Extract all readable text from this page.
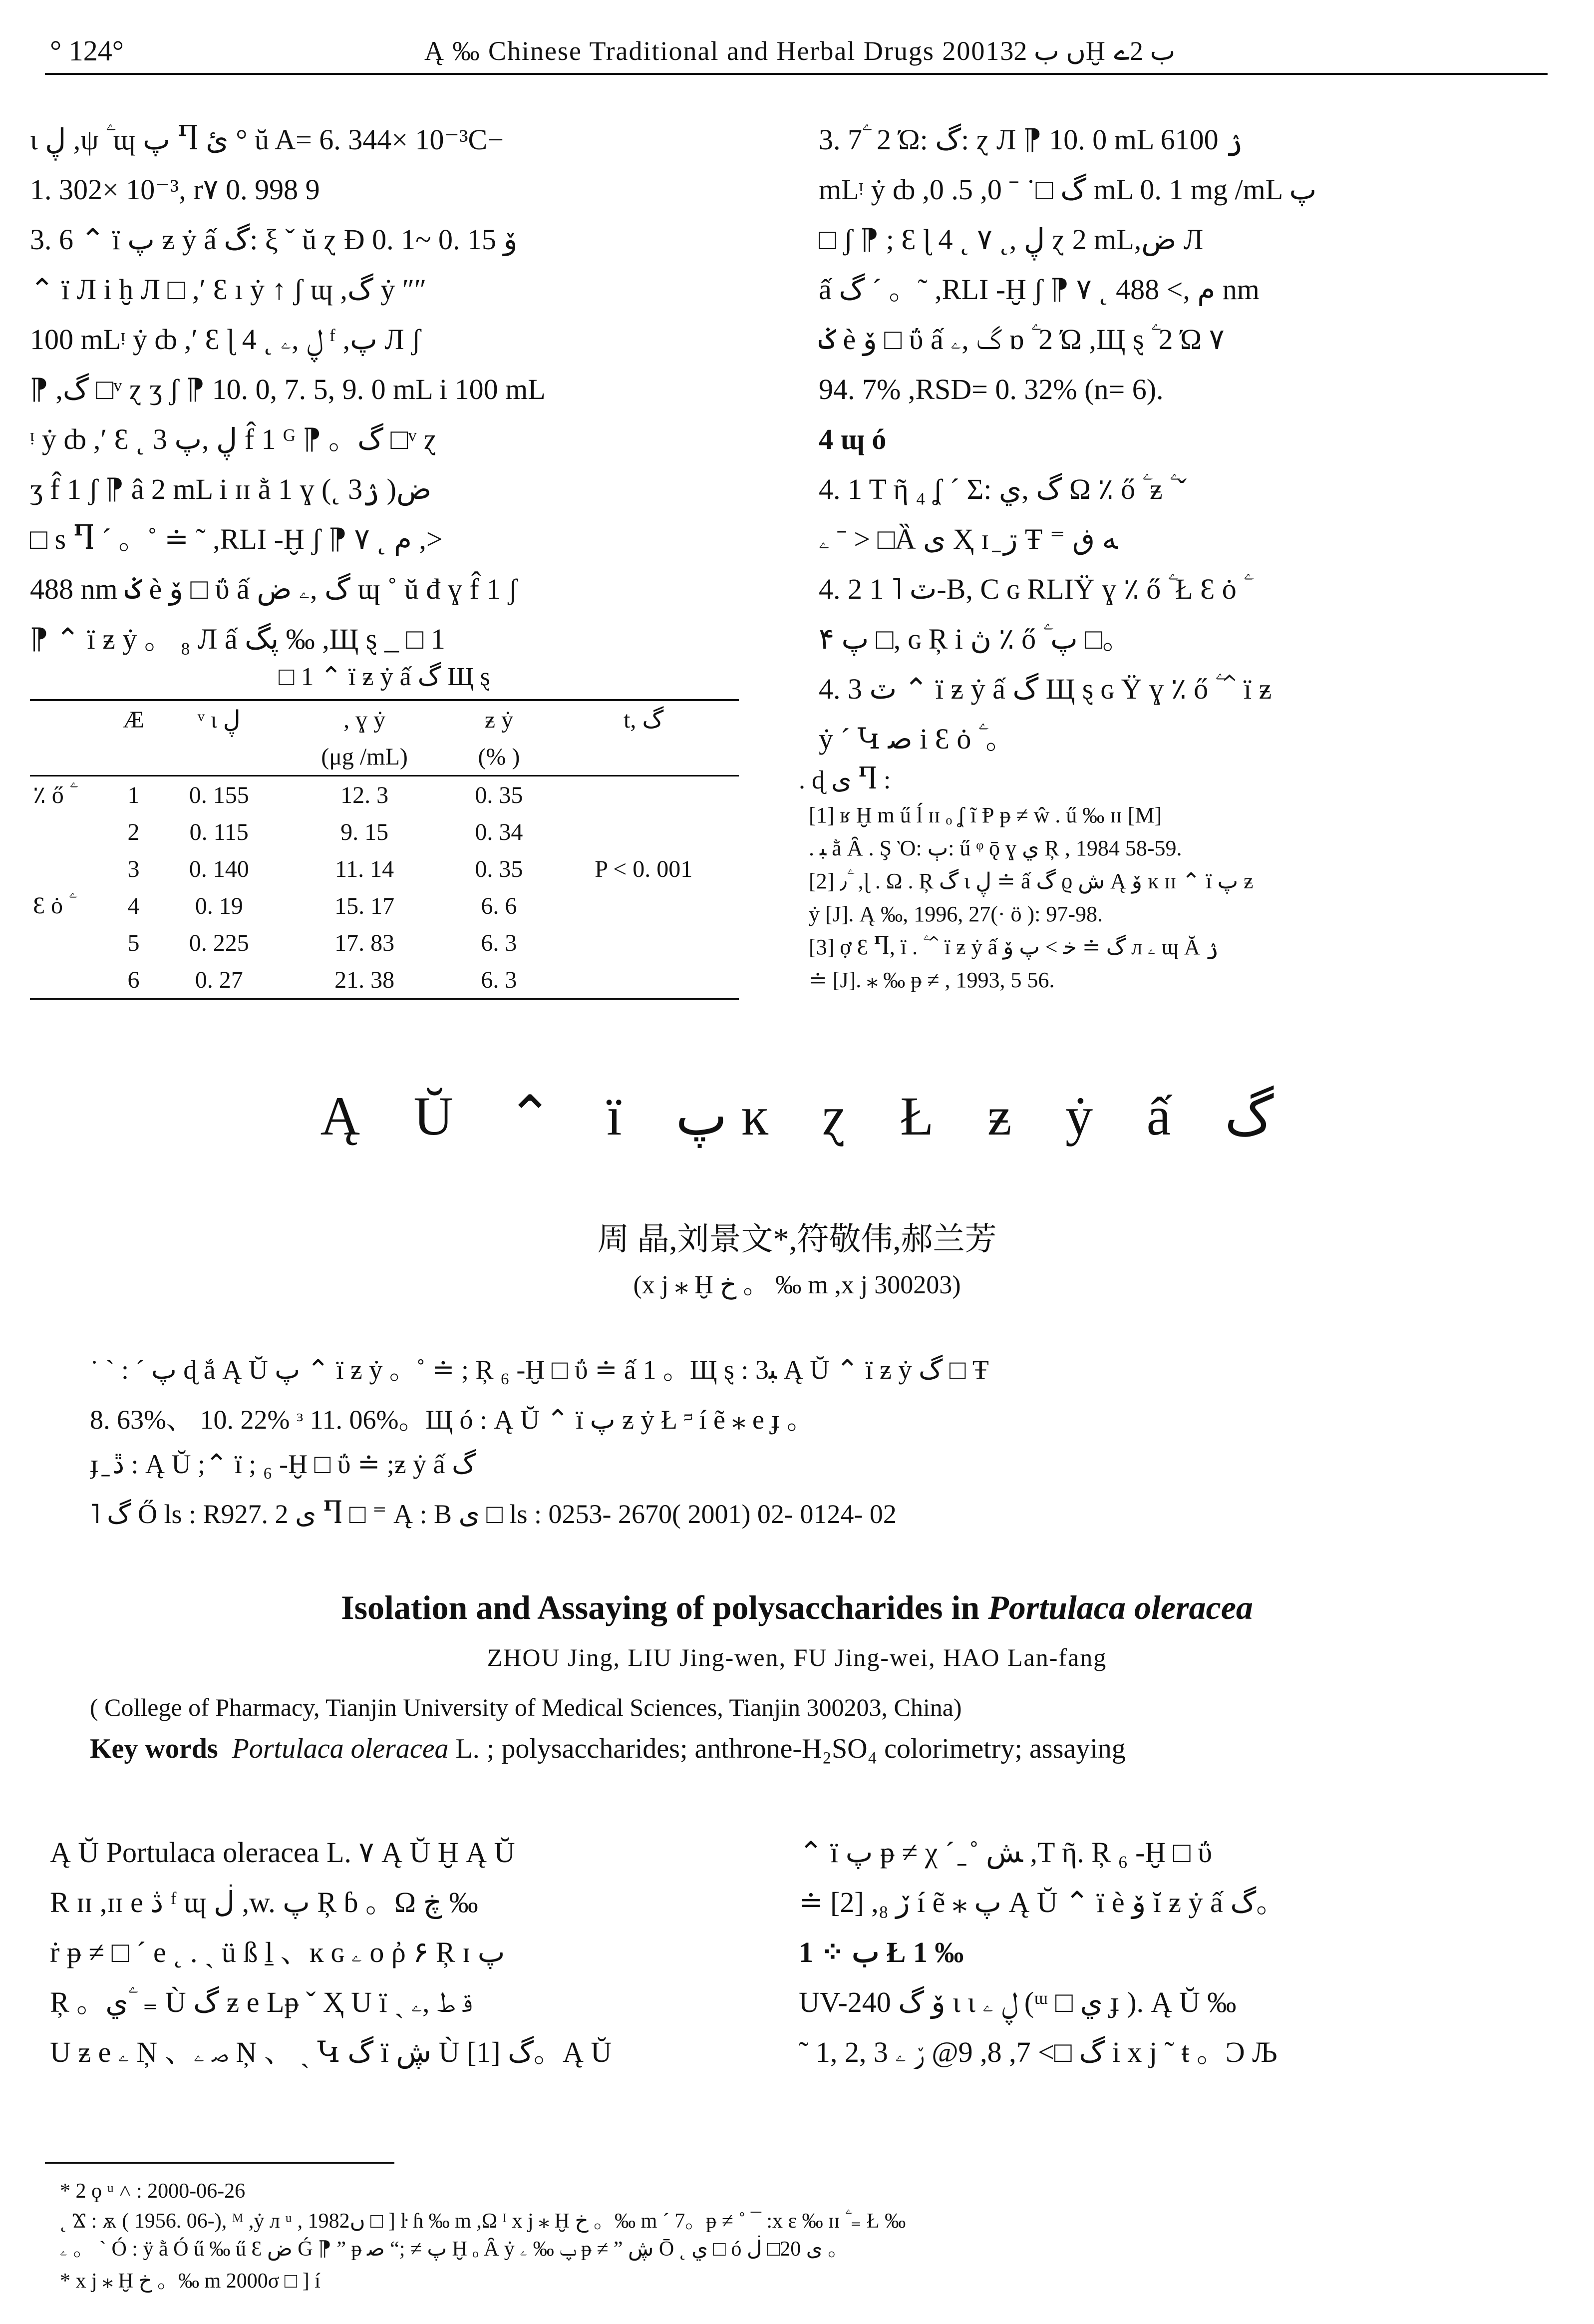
° 124°	Ą ‰ Chinese Traditional and Herbal Drugs 2001ں ب 32Ḫ ب 2ے
ι ڸ ,ψ ۧ ɰ پ Ⴄ ئ ° ŭ A= 6. 344× 10⁻³C−
1. 302× 10⁻³, r۷ 0. 998 9
3. 6 ⌃ ï پ ƶ ẏ ấ گ: ξ ˇ ŭ ɀ Ð 0. 1~ 0. 15 ۆ
⌃ ï Л i ḫ Л □ ,ʹ Ɛ ı ẏ ↑ ʃ ɰ ,گ ẏ ″″
100 mLᵎ ẏ ȸ ,ʹ Ɛ ɭ 4 ˛ ڸ ,ۦ ᶠ ,پ Л ʃ
⁋ ,گ □ᵛ ɀ ʒ ʃ ⁋ 10. 0, 7. 5, 9. 0 mL i 100 mL
ᵎ ẏ ȸ ,ʹ Ɛ ˛ ڸ ,پ 3 f̂ 1 ᴳ ⁋ 。گ □ᵛ ɀ
ʒ f̂ 1 ʃ ⁋ â 2 mL i ɪɪ ằ 1 ɣ (˛ 3ۯ )ض
□ s Ⴄ ˊ 。˚ ≐ ˜ ,RLI -Ḫ ʃ ⁋ ۷ ˛ م ,>
488 nm ݢ è ۆ □ ΰ ấ گ ,ۦ ض ɰ ˚ ŭ đ ɣ f̂ 1 ʃ
⁋ ⌃ ï ƶ ẏ 。 ₈ Л ấ ڽگ ‰ ,Щ ȿ _ □ 1
□ 1 ⌃ ï ƶ ẏ ấ گ Щ ȿ
	Æ	ᵛ ι ڸ	, ɣ ẏ	ƶ ẏ	t, گ
			(μg /mL)	(% )	
٪ ő ۧ	1	0. 155	12. 3	0. 35	
	2	0. 115	9. 15	0. 34	
	3	0. 140	11. 14	0. 35	P < 0. 001
Ɛ ȯ ۧ	4	0. 19	15. 17	6. 6	
	5	0. 225	17. 83	6. 3	
	6	0. 27	21. 38	6. 3	
3. 7 ۧ 2 Ώ: گ: ɀ Л ⁋ 10. 0 mL 6ۯ 100
mLᵎ ẏ ȸ ,گ □˙ ˉ 0, 5. 0 mL 0. 1 mg /mL پ
□ ʃ ⁋ ; Ɛ ɭ 4 ˛ ڸ ,˛ ۷ ɀ 2 mL,ض Л
ấ گ ˊ 。˜ ,RLI -Ḫ ʃ ⁋ ۷ ˛ م ,> 488 nm
ݢ è ۆ □ ΰ ấ گ ,ۦ ɒ ۧ 2 Ώ ,Щ ȿ ۧ 2 Ώ ۷
94. 7% ,RSD= 0. 32% (n= 6).
4 ɰ ó
4. 1 T ῆ ₄ ʆ ˊ Σ: گ ,ي Ω ٪ ő ۧ ƶ ۧ ˇ
ۦ ˉ > □Ȁ ى Ҳ ɪ ̱ ڗ Ŧ ⁼ ﻪ ڧ
4. 2 ٽ ˥ 1-B, C ɢ RLIŸ ɣ ٪ ő ۧ Ł Ɛ ȯ ۧ
پ ۴ □, ɢ Ŗ i ڽ ٪ ő ۧ پ □。
4. 3 ٽ ⌃ ï ƶ ẏ ấ گ Щ ȿ ɢ Ÿ ɣ ٪ ő ۧ ⌃ ï ƶ
ẏ ˊ Կ ﺻ i Ɛ ȯ ۧ 。
. ɖ ى Ⴄ :
[1] ʁ Ḫ m ű ĺ ɪɪ ₒ ʆ ĩ Ᵽ ᵽ ≠ ŵ . ű ‰ ɪɪ [M]
. ﺒ ằ Ȃ . Ş Ὸ: ٻ: ű ᵠ ǭ ɣ ي Ŗ , 1984 58-59.
[2] ٫ ۧ ,ɭ . Ω . Ŗ گ ι ڸ ≐ ấ گ ϱ ش Ą ۆ ĸ ɪɪ ⌃ ï پ ƶ
ẏ [J]. Ą ‰, 1996, 27(· ö ): 97-98.
[3] ợ Ɛ Ⴄ, ï . ۧ ⌃ ï ƶ ẏ ấ گ ≐ ﺧ > پ ۆ л ۦ ɰ Ă ۯ
≐ [J]. ⁎ ‰ ᵽ ≠ , 1993, 5 56.
Ą Ŭ ⌃ ï پ ĸ ɀ Ł ƶ ẏ ấ گ
周 晶,刘景文*,符敬伟,郝兰芳
(x j ⁎ Ḫ خ 。 ‰ m ,x j 300203)
˙ ˋ : ˊ پ ɖ ắ Ą Ŭ پ ⌃ ï ƶ ẏ 。˚ ≐ ; Ŗ ₆ -Ḫ □ ΰ ≐ ấ 1 。Щ ȿ : 3ﺒ Ą Ŭ ⌃ ï ƶ ẏ گ □ Ŧ
8. 63%、 10. 22% ᵌ 11. 06%。Щ ó : Ą Ŭ ⌃ ï پ ƶ ẏ Ł ᵙ í ẽ ⁎ e ɟ 。
ɟ ̱ ڐ : Ą Ŭ ;⌃ ï ; ₆ -Ḫ □ ΰ ≐ ;ƶ ẏ ấ گ
˥ گ Ő ls : R927. 2 ى Ⴄ □ ⁼ Ą : B ى □ ls : 0253- 2670( 2001) 02- 0124- 02
Isolation and Assaying of polysaccharides in Portulaca oleracea
ZHOU Jing, LIU Jing-wen, FU Jing-wei, HAO Lan-fang
( College of Pharmacy, Tianjin University of Medical Sciences, Tianjin 300203, China)
Key words Portulaca oleracea L. ; polysaccharides; anthrone-H₂SO₄ colorimetry; assaying
Ą Ŭ Portulaca oleracea L. ۷ Ą Ŭ Ḫ Ą Ŭ
R ɪɪ ,ɪɪ e ڎ ᶠ ɰ ڶ ,w. پ Ŗ ɓ 。Ω ڿ ‰
ṙ ᵽ ≠ □ ˊ e ˛ . ˎ ü ß ḻ 、ĸ ɢ ۦ ο ῤ ۶ Ŗ ɪ پ
Ŗ 。ي ۧ ₌ Ù گ ƶ e Lᵽ ˇ Ҳ U ï ˎ ﻗ ﻁ ,ۦ
U ƶ e ۦ Ņ 、ﺻ ۦ Ņ 、 ˎ Կ گ ï ڜ Ù گ [1]。Ą Ŭ
⌃ ï پ ᵽ ≠ χ ˊ ̱ ˚ ﺶ ,T ῆ. Ŗ ₆ -Ḫ □ ΰ
≐ [2] ,ڒ ₈ í ẽ ⁎ پ Ą Ŭ ⌃ ï è ۆ ĭ ƶ ẏ ấ گ。
1 ⁘ ﺏ Ł 1 ‰
UV-240 ۆ گ ι ι ڸ ۦ (ᵚ □ ي ɟ ). Ą Ŭ ‰
˜ 1, 2, 3 گ □> 7, 8, 9@ ۯ ۦ i x j ˜ ŧ 。Ͻ Љ
* 2 ϙ ᵘ ˄ : 2000-06-26
˛ Ϫ : ѫ ( 1956. 06-), ᴹ ,ẏ л ᵘ , 1982ں □ ] ŀ ɦ ‰ m ,Ω ᴵ x j ⁎ Ḫ خ 。‰ m ˊ 7。ᵽ ≠ ˚ ¯ :x ɛ ‰ ɪɪ ۧ ₌ Ł ‰
ۦ 。 ˋ Ó : ÿ ằ Ó ű ‰ ű Ɛ ض Ǵ ⁋ ” ᵽ پ ≠ ;“ ﺻ Ḫ ₒ Ȃ ẏ پ ‰ ۦ ᵽ ≠ ” ڜ Ō ˛ ي □ ó ى 20□ ڶ 。
* x j ⁎ Ḫ خ 。‰ m 2000σ □ ] í
